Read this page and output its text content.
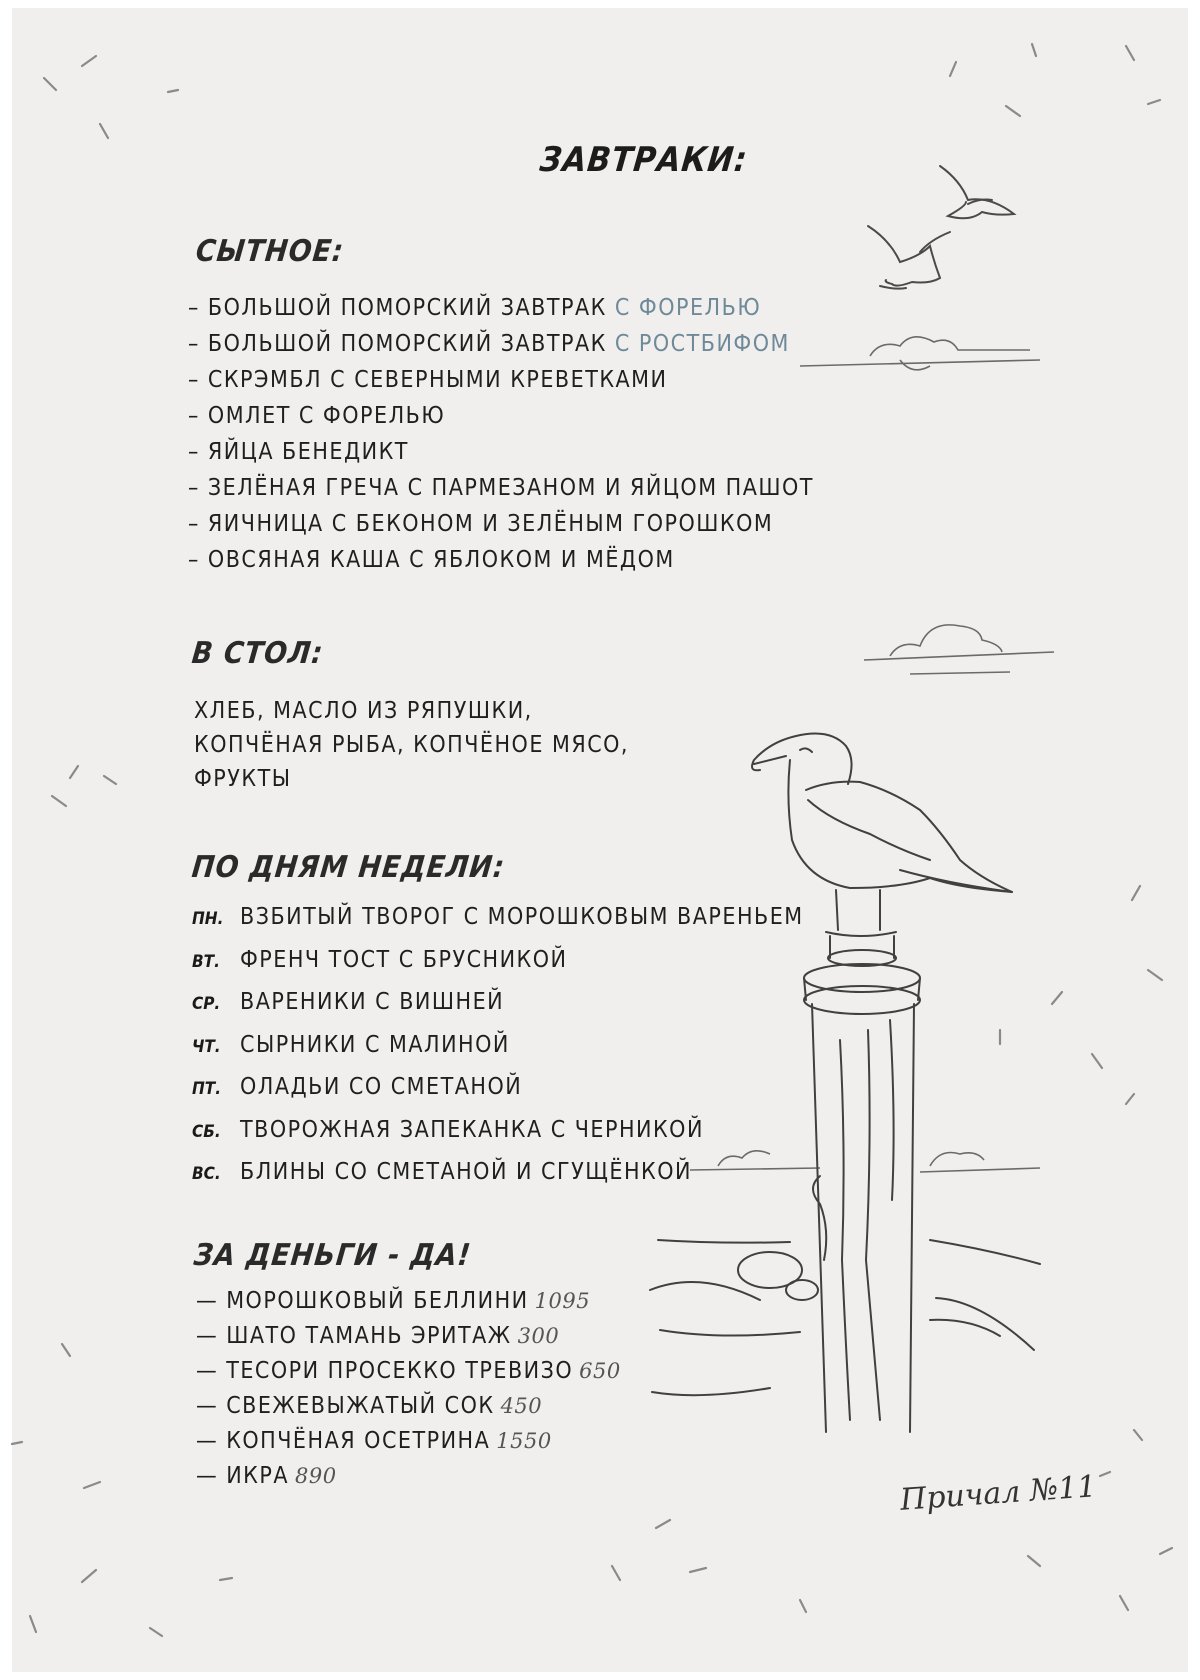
ЗАВТРАКИ:
СЫТНОЕ:
– БОЛЬШОЙ ПОМОРСКИЙ ЗАВТРАК С ФОРЕЛЬЮ
– БОЛЬШОЙ ПОМОРСКИЙ ЗАВТРАК С РОСТБИФОМ
– СКРЭМБЛ С СЕВЕРНЫМИ КРЕВЕТКАМИ
– ОМЛЕТ С ФОРЕЛЬЮ
– ЯЙЦА БЕНЕДИКТ
– ЗЕЛЁНАЯ ГРЕЧА С ПАРМЕЗАНОМ И ЯЙЦОМ ПАШОТ
– ЯИЧНИЦА С БЕКОНОМ И ЗЕЛЁНЫМ ГОРОШКОМ
– ОВСЯНАЯ КАША С ЯБЛОКОМ И МЁДОМ
В СТОЛ:
ХЛЕБ, МАСЛО ИЗ РЯПУШКИ,
КОПЧЁНАЯ РЫБА, КОПЧЁНОЕ МЯСО,
ФРУКТЫ
ПО ДНЯМ НЕДЕЛИ:
ПН. ВЗБИТЫЙ ТВОРОГ С МОРОШКОВЫМ ВАРЕНЬЕМ
ВТ. ФРЕНЧ ТОСТ С БРУСНИКОЙ
СР. ВАРЕНИКИ С ВИШНЕЙ
ЧТ. СЫРНИКИ С МАЛИНОЙ
ПТ. ОЛАДЬИ СО СМЕТАНОЙ
СБ. ТВОРОЖНАЯ ЗАПЕКАНКА С ЧЕРНИКОЙ
ВС. БЛИНЫ СО СМЕТАНОЙ И СГУЩЁНКОЙ
ЗА ДЕНЬГИ - ДА!
— МОРОШКОВЫЙ БЕЛЛИНИ 1095
— ШАТО ТАМАНЬ ЭРИТАЖ 300
— ТЕСОРИ ПРОСЕККО ТРЕВИЗО 650
— СВЕЖЕВЫЖАТЫЙ СОК 450
— КОПЧЁНАЯ ОСЕТРИНА 1550
— ИКРА 890	Причал №11
